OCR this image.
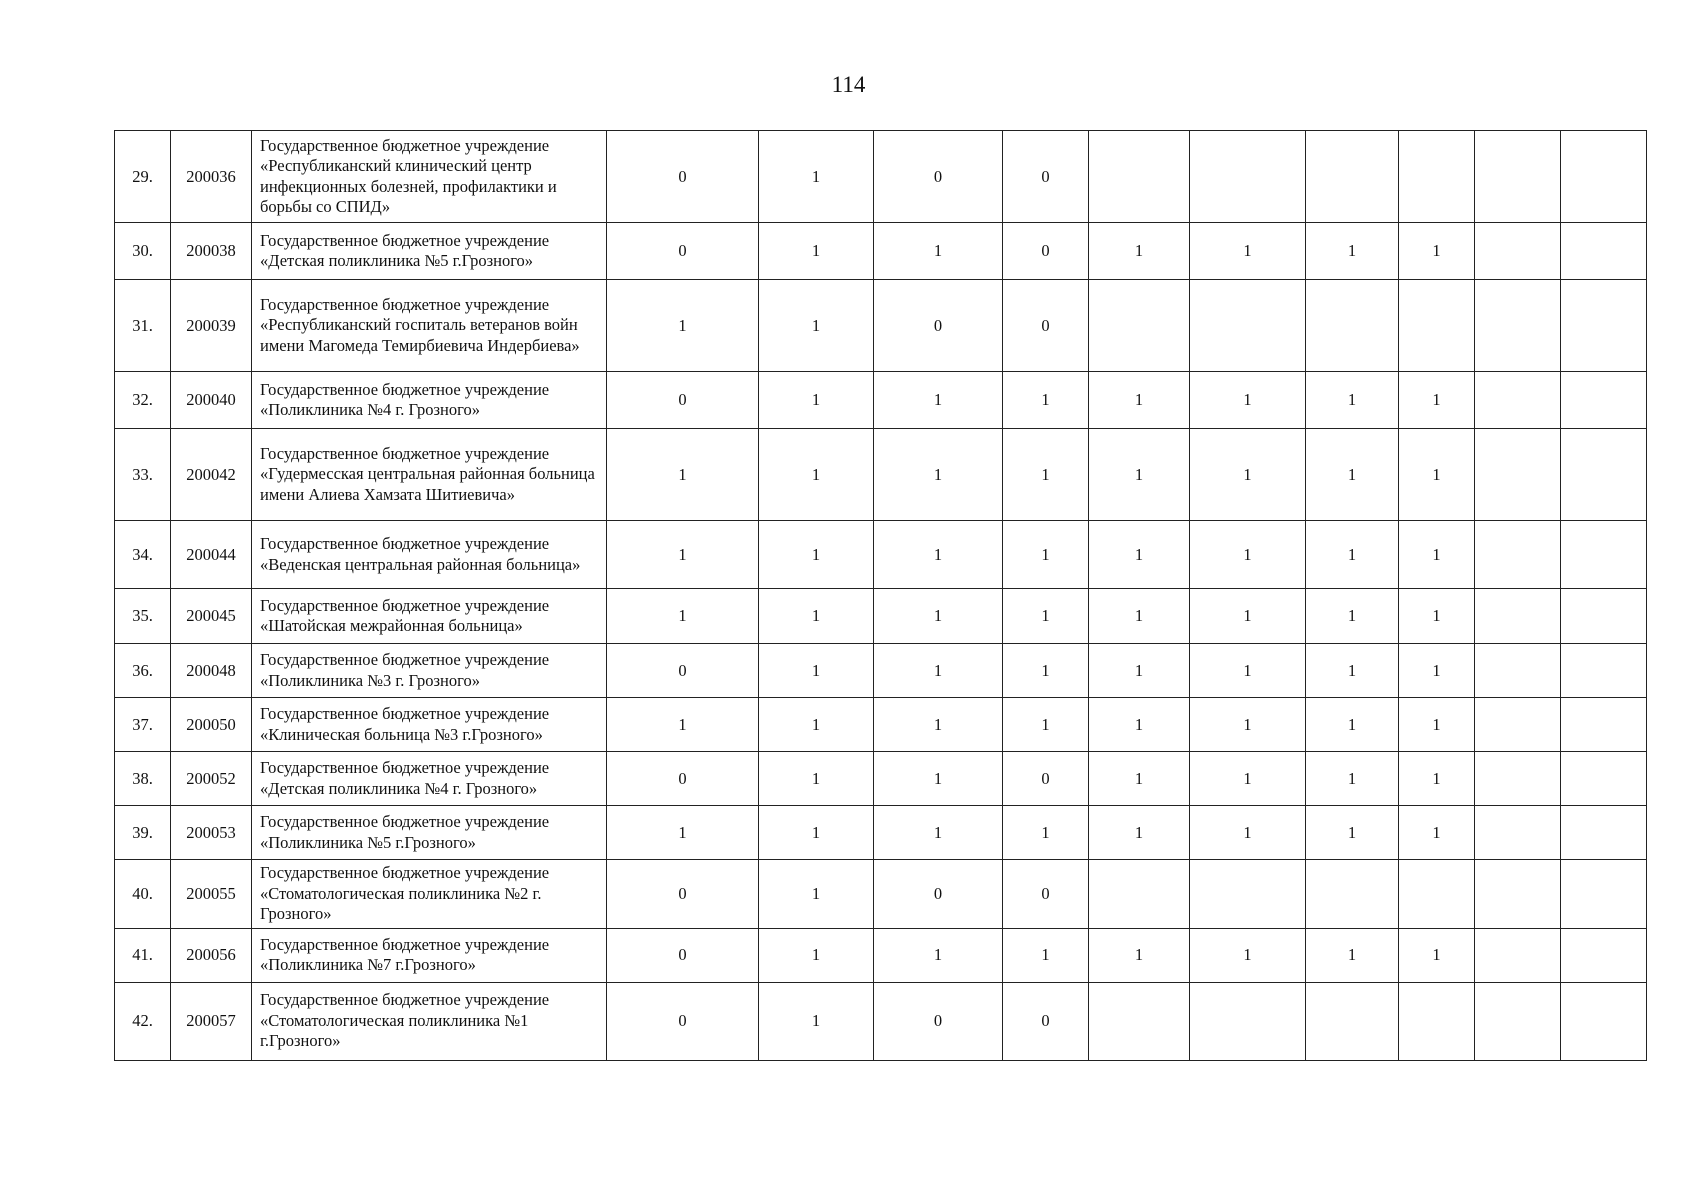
114
29.	200036	Государственное бюджетное учреждение «Республиканский клинический центр инфекционных болезней, профилактики и борьбы со СПИД»	0	1	0	0						
30.	200038	Государственное бюджетное учреждение «Детская поликлиника №5 г.Грозного»	0	1	1	0	1	1	1	1		
31.	200039	Государственное бюджетное учреждение «Республиканский госпиталь ветеранов войн имени Магомеда Темирбиевича Индербиева»	1	1	0	0						
32.	200040	Государственное бюджетное учреждение «Поликлиника №4 г. Грозного»	0	1	1	1	1	1	1	1		
33.	200042	Государственное бюджетное учреждение «Гудермесская центральная районная больница имени Алиева Хамзата Шитиевича»	1	1	1	1	1	1	1	1		
34.	200044	Государственное бюджетное учреждение «Веденская центральная районная больница»	1	1	1	1	1	1	1	1		
35.	200045	Государственное бюджетное учреждение «Шатойская межрайонная больница»	1	1	1	1	1	1	1	1		
36.	200048	Государственное бюджетное учреждение «Поликлиника №3 г. Грозного»	0	1	1	1	1	1	1	1		
37.	200050	Государственное бюджетное учреждение «Клиническая больница №3 г.Грозного»	1	1	1	1	1	1	1	1		
38.	200052	Государственное бюджетное учреждение «Детская поликлиника №4 г. Грозного»	0	1	1	0	1	1	1	1		
39.	200053	Государственное бюджетное учреждение «Поликлиника №5 г.Грозного»	1	1	1	1	1	1	1	1		
40.	200055	Государственное бюджетное учреждение «Стоматологическая поликлиника №2 г. Грозного»	0	1	0	0						
41.	200056	Государственное бюджетное учреждение «Поликлиника №7 г.Грозного»	0	1	1	1	1	1	1	1		
42.	200057	Государственное бюджетное учреждение «Стоматологическая поликлиника №1 г.Грозного»	0	1	0	0						
